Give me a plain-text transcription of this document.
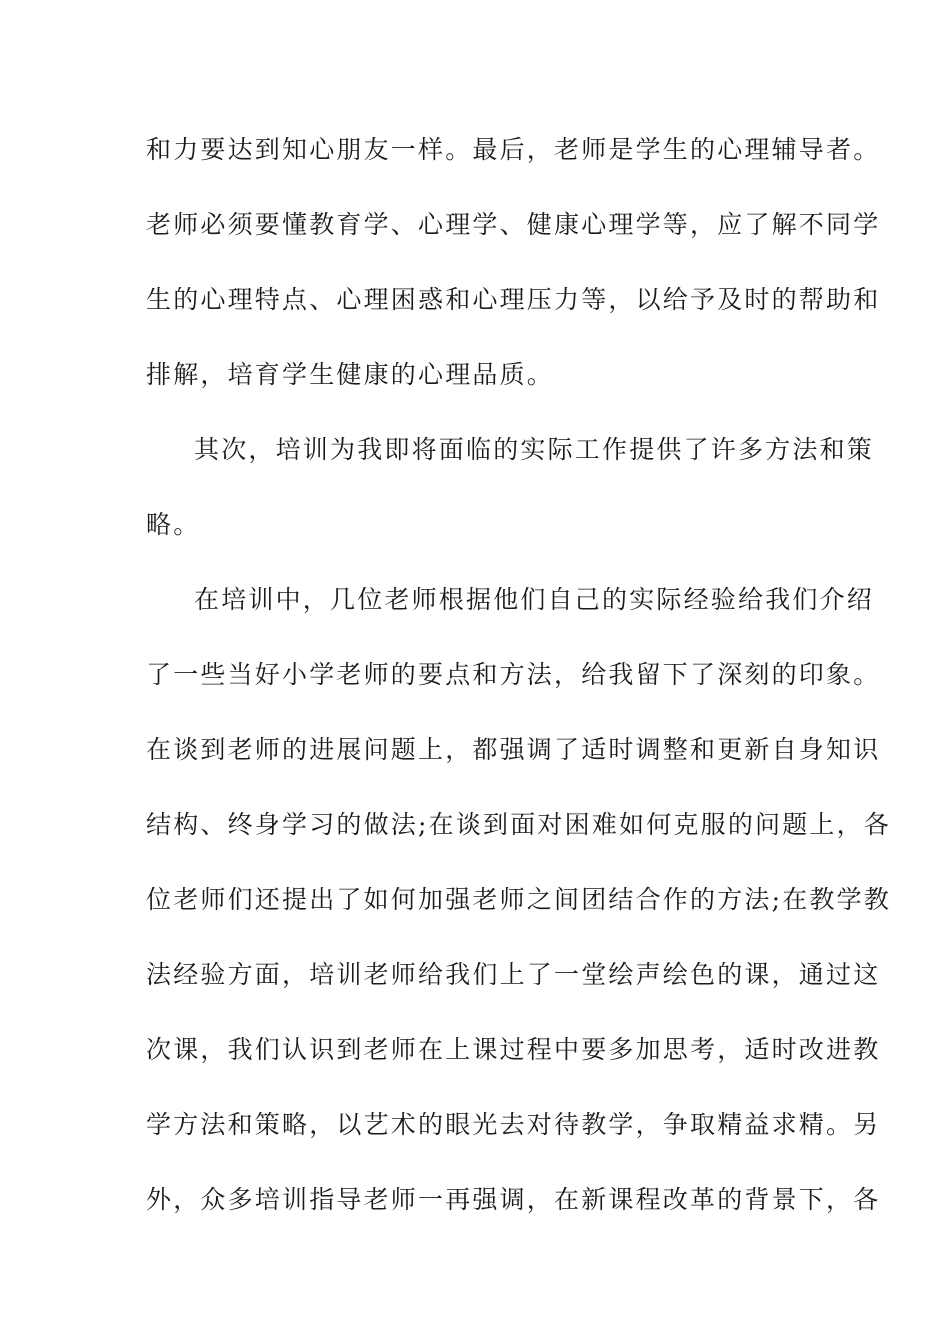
和力要达到知心朋友一样。最后，老师是学生的心理辅导者。
老师必须要懂教育学、心理学、健康心理学等，应了解不同学
生的心理特点、心理困惑和心理压力等，以给予及时的帮助和
排解，培育学生健康的心理品质。
其次，培训为我即将面临的实际工作提供了许多方法和策
略。
在培训中，几位老师根据他们自己的实际经验给我们介绍
了一些当好小学老师的要点和方法，给我留下了深刻的印象。
在谈到老师的进展问题上，都强调了适时调整和更新自身知识
结构、终身学习的做法;在谈到面对困难如何克服的问题上，各
位老师们还提出了如何加强老师之间团结合作的方法;在教学教
法经验方面，培训老师给我们上了一堂绘声绘色的课，通过这
次课，我们认识到老师在上课过程中要多加思考，适时改进教
学方法和策略，以艺术的眼光去对待教学，争取精益求精。另
外，众多培训指导老师一再强调，在新课程改革的背景下，各
